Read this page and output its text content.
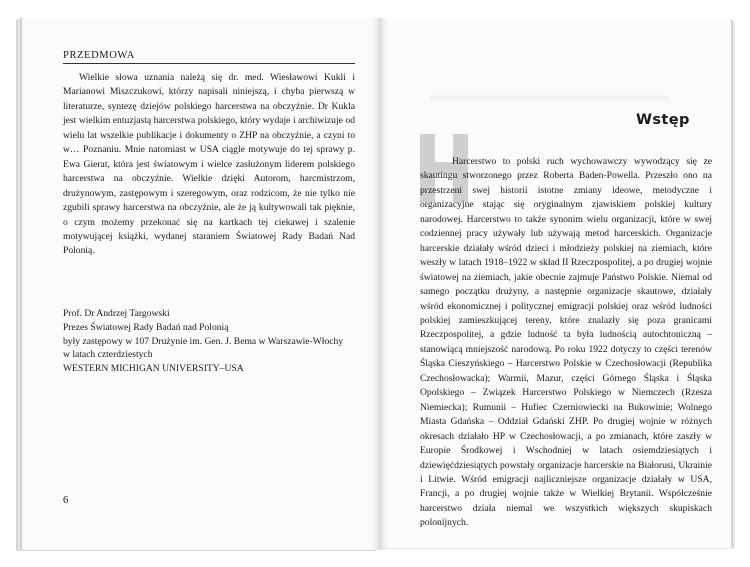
PRZEDMOWA

Wielkie słowa uznania należą się dr. med. Wiesławowi Kukli i Marianowi Miszczukowi, którzy napisali niniejszą, i chyba pierwszą w literaturze, syntezę dziejów polskiego harcerstwa na obczyźnie. Dr Kukla jest wielkim entuzjastą harcerstwa polskiego, który wydaje i archiwizuje od wielu lat wszelkie publikacje i dokumenty o ZHP na obczyźnie, a czyni to w… Poznaniu. Mnie natomiast w USA ciągle motywuje do tej sprawy p. Ewa Gierat, która jest światowym i wielce zasłużonym liderem polskiego harcerstwa na obczyźnie. Wielkie dzięki Autorom, harcmistrzom, drużynowym, zastępowym i szeregowym, oraz rodzicom, że nie tylko nie zgubili sprawy harcerstwa na obczyźnie, ale że ją kultywowali tak pięknie, o czym możemy przekonać się na kartkach tej ciekawej i szalenie motywującej książki, wydanej staraniem Światowej Rady Badań Nad Polonią.

Prof. Dr Andrzej Targowski
Prezes Światowej Rady Badań nad Polonią
były zastępowy w 107 Drużynie im. Gen. J. Bema w Warszawie-Włochy
w latach czterdziestych
WESTERN MICHIGAN UNIVERSITY–USA
6
Wstęp

Harcerstwo to polski ruch wychowawczy wywodzący się ze skautingu stworzonego przez Roberta Baden-Powella. Przeszło ono na przestrzeni swej historii istotne zmiany ideowe, metodyczne i organizacyjne stając się oryginalnym zjawiskiem polskiej kultury narodowej. Harcerstwo to także synonim wielu organizacji, które w swej codziennej pracy używały lub używają metod harcerskich. Organizacje harcerskie działały wśród dzieci i młodzieży polskiej na ziemiach, które weszły w latach 1918–1922 w skład II Rzeczpospolitej, a po drugiej wojnie światowej na ziemiach, jakie obecnie zajmuje Państwo Polskie. Niemal od samego początku drużyny, a następnie organizacje skautowe, działały wśród ekonomicznej i politycznej emigracji polskiej oraz wśród ludności polskiej zamieszkującej tereny, które znalazły się poza granicami Rzeczpospolitej, a gdzie ludność ta była ludnością autochtoniczną – stanowiącą mniejszość narodową. Po roku 1922 dotyczy to części terenów Śląska Cieszyńskiego – Harcerstwo Polskie w Czechosłowacji (Republika Czechosłowacka); Warmii, Mazur, części Górnego Śląska i Śląska Opolskiego – Związek Harcerstwo Polskiego w Niemczech (Rzesza Niemiecka); Rumunii – Hufiec Czerniowiecki na Bukowinie; Wolnego Miasta Gdańska – Oddział Gdański ZHP. Po drugiej wojnie w różnych okresach działało HP w Czechosłowacji, a po zmianach, które zaszły w Europie Środkowej i Wschodniej w latach osiemdziesiątych i dziewięćdziesiątych powstały organizacje harcerskie na Białorusi, Ukrainie i Litwie. Wśród emigracji najliczniejsze organizacje działały w USA, Francji, a po drugiej wojnie także w Wielkiej Brytanii. Współcześnie harcerstwo działa niemal we wszystkich większych skupiskach polonijnych.
